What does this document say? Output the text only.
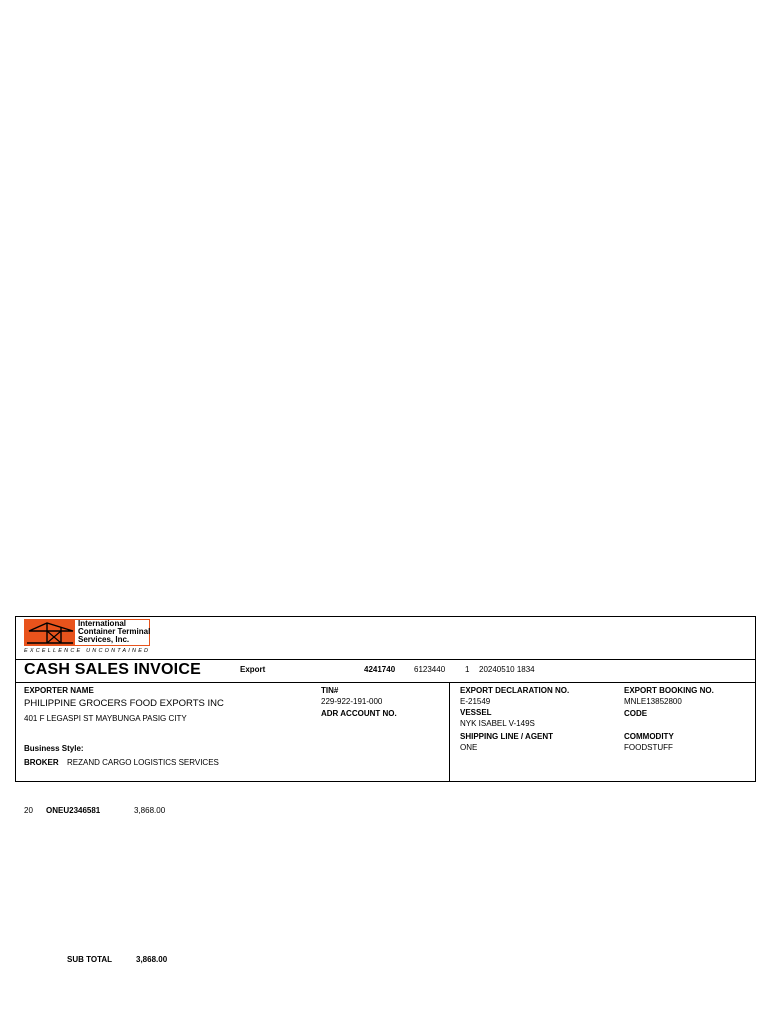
International
Container Terminal
Services, Inc.
EXCELLENCE UNCONTAINED
CASH SALES INVOICE	Export	4241740 6123440 1 20240510 1834
EXPORTER NAME
PHILIPPINE GROCERS FOOD EXPORTS INC
401 F LEGASPI ST MAYBUNGA PASIG CITY
Business Style:
BROKER REZAND CARGO LOGISTICS SERVICES
TIN#
229-922-191-000
ADR ACCOUNT NO.
EXPORT DECLARATION NO.
E-21549
VESSEL
NYK ISABEL V-149S
SHIPPING LINE / AGENT
ONE
EXPORT BOOKING NO.
MNLE13852800
CODE
COMMODITY
FOODSTUFF
20 ONEU2346581	3,868.00
SUB TOTAL	3,868.00
